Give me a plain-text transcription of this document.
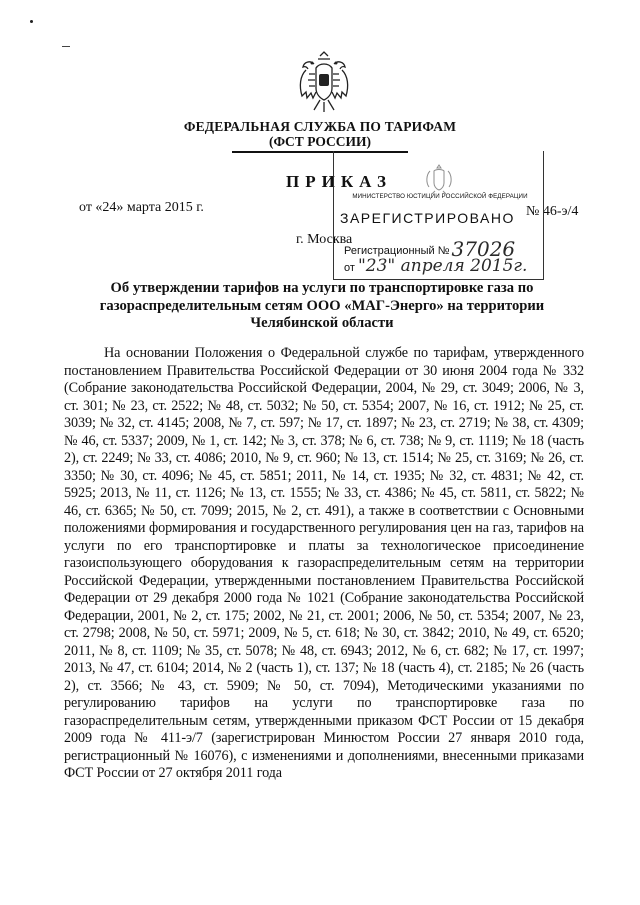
ФЕДЕРАЛЬНАЯ СЛУЖБА ПО ТАРИФАМ
(ФСТ РОССИИ)
ПРИКАЗ
от «24» марта 2015 г.	№ 46-э/4
г. Москва
МИНИСТЕРСТВО ЮСТИЦИИ РОССИЙСКОЙ ФЕДЕРАЦИИ
ЗАРЕГИСТРИРОВАНО
Регистрационный № 37026
от "23" апреля 2015г.
Об утверждении тарифов на услуги по транспортировке газа по газораспределительным сетям ООО «МАГ-Энерго» на территории Челябинской области
На основании Положения о Федеральной службе по тарифам, утвержденного постановлением Правительства Российской Федерации от 30 июня 2004 года № 332 (Собрание законодательства Российской Федерации, 2004, № 29, ст. 3049; 2006, № 3, ст. 301; № 23, ст. 2522; № 48, ст. 5032; № 50, ст. 5354; 2007, № 16, ст. 1912; № 25, ст. 3039; № 32, ст. 4145; 2008, № 7, ст. 597; № 17, ст. 1897; № 23, ст. 2719; № 38, ст. 4309; № 46, ст. 5337; 2009, № 1, ст. 142; № 3, ст. 378; № 6, ст. 738; № 9, ст. 1119; № 18 (часть 2), ст. 2249; № 33, ст. 4086; 2010, № 9, ст. 960; № 13, ст. 1514; № 25, ст. 3169; № 26, ст. 3350; № 30, ст. 4096; № 45, ст. 5851; 2011, № 14, ст. 1935; № 32, ст. 4831; № 42, ст. 5925; 2013, № 11, ст. 1126; № 13, ст. 1555; № 33, ст. 4386; № 45, ст. 5811, ст. 5822; № 46, ст. 6365; № 50, ст. 7099; 2015, № 2, ст. 491), а также в соответствии с Основными положениями формирования и государственного регулирования цен на газ, тарифов на услуги по его транспортировке и платы за технологическое присоединение газоиспользующего оборудования к газораспределительным сетям на территории Российской Федерации, утвержденными постановлением Правительства Российской Федерации от 29 декабря 2000 года № 1021 (Собрание законодательства Российской Федерации, 2001, № 2, ст. 175; 2002, № 21, ст. 2001; 2006, № 50, ст. 5354; 2007, № 23, ст. 2798; 2008, № 50, ст. 5971; 2009, № 5, ст. 618; № 30, ст. 3842; 2010, № 49, ст. 6520; 2011, № 8, ст. 1109; № 35, ст. 5078; № 48, ст. 6943; 2012, № 6, ст. 682; № 17, ст. 1997; 2013, № 47, ст. 6104; 2014, № 2 (часть 1), ст. 137; № 18 (часть 4), ст. 2185; № 26 (часть 2), ст. 3566; № 43, ст. 5909; № 50, ст. 7094), Методическими указаниями по регулированию тарифов на услуги по транспортировке газа по газораспределительным сетям, утвержденными приказом ФСТ России от 15 декабря 2009 года № 411-э/7 (зарегистрирован Минюстом России 27 января 2010 года, регистрационный № 16076), с изменениями и дополнениями, внесенными приказами ФСТ России от 27 октября 2011 года
